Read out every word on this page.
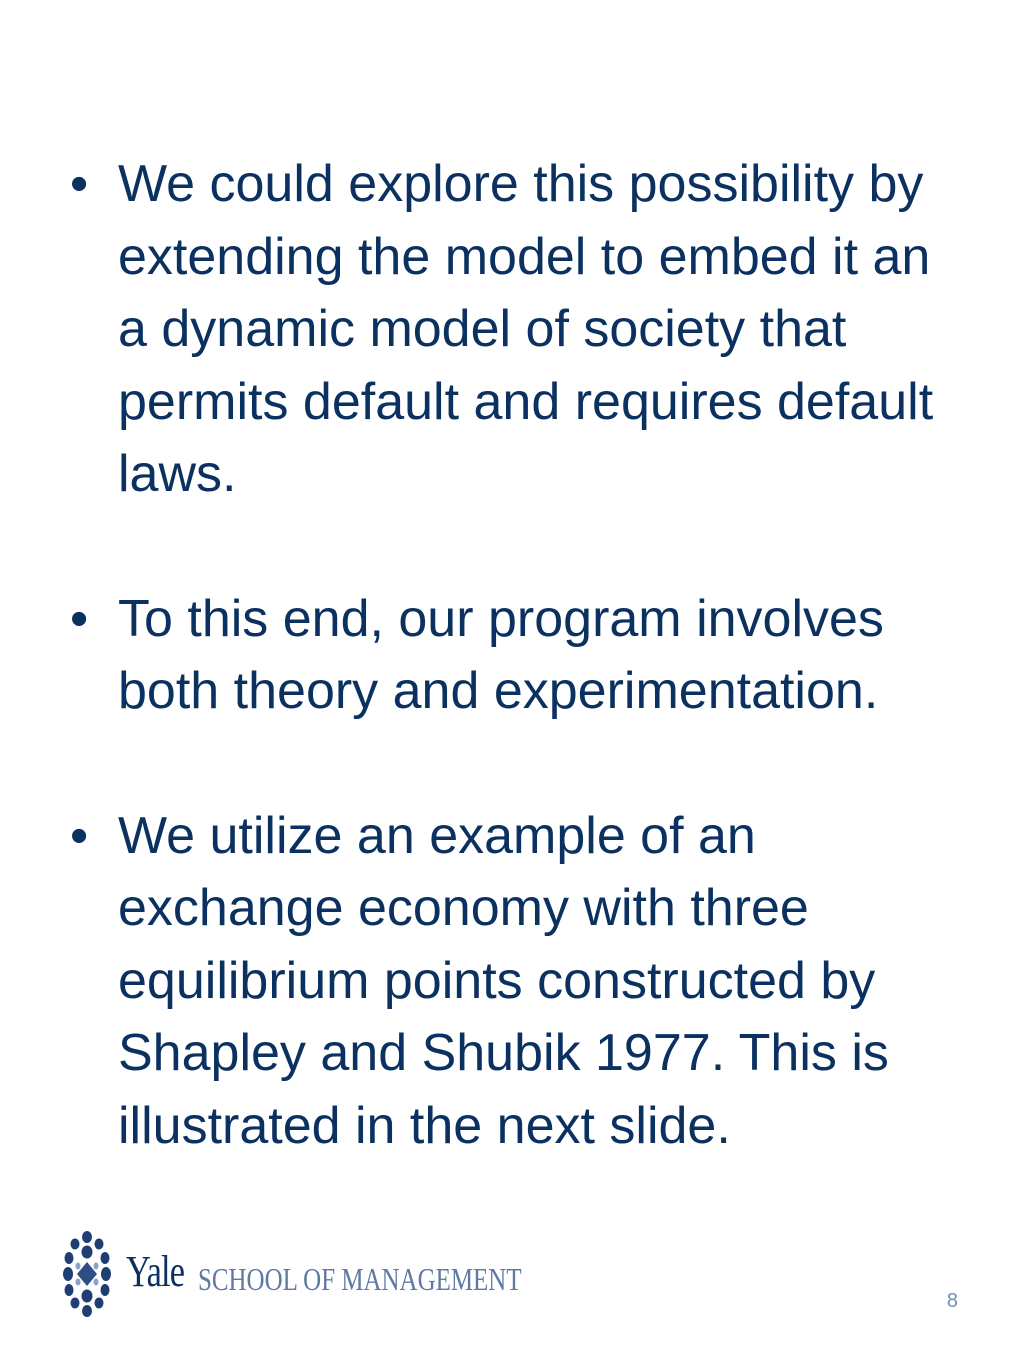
• We could explore this possibility by extending the model to embed it an a dynamic model of society that permits default and requires default laws.
• To this end, our program involves both theory and experimentation.
• We utilize an example of an exchange economy with three equilibrium points constructed by Shapley and Shubik 1977. This is illustrated in the next slide.
Yale SCHOOL OF MANAGEMENT
8
